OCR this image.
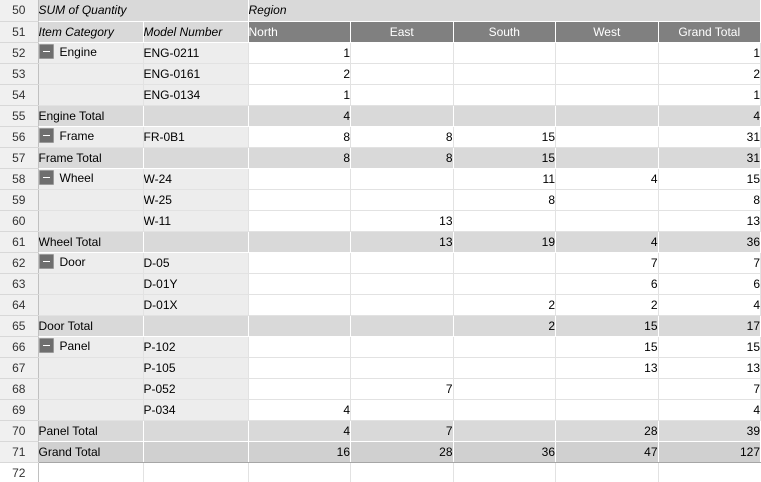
50	SUM of Quantity		Region				
51	Item Category	Model Number	North	East	South	West	Grand Total
52	Engine	ENG-0211	1				1
53		ENG-0161	2				2
54		ENG-0134	1				1
55	Engine Total		4				4
56	Frame	FR-0B1	8	8	15		31
57	Frame Total		8	8	15		31
58	Wheel	W-24			11	4	15
59		W-25			8		8
60		W-11		13			13
61	Wheel Total			13	19	4	36
62	Door	D-05				7	7
63		D-01Y				6	6
64		D-01X			2	2	4
65	Door Total				2	15	17
66	Panel	P-102				15	15
67		P-105				13	13
68		P-052		7			7
69		P-034	4				4
70	Panel Total		4	7		28	39
71	Grand Total		16	28	36	47	127
72							
